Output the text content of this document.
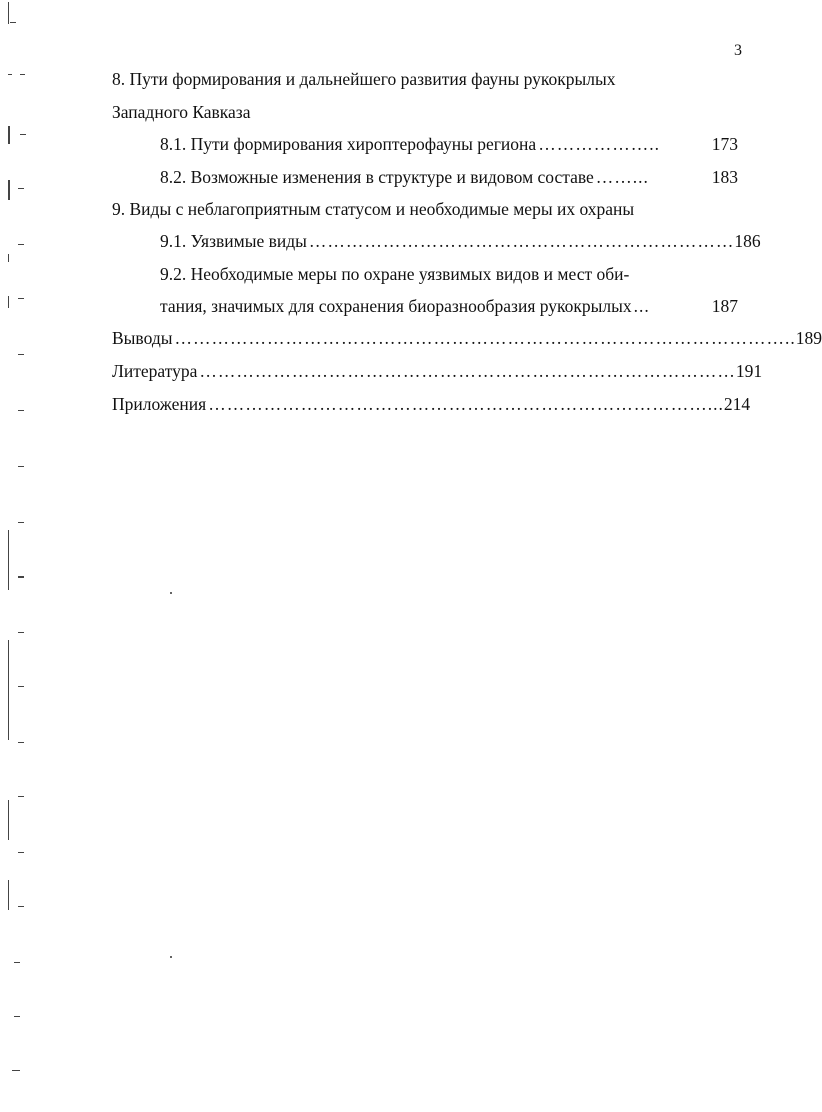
3
8. Пути формирования и дальнейшего развития фауны рукокрылых
Западного Кавказа
8.1. Пути формирования хироптерофауны региона ………………..	173
8.2. Возможные изменения в структуре и видовом составе ……...	183
9. Виды с неблагоприятным статусом и необходимые меры их охраны
9.1. Уязвимые виды …………………………………………………………… 186
9.2. Необходимые меры по охране уязвимых видов и мест оби-
тания, значимых для сохранения биоразнообразия рукокрылых ...	187
Выводы ……………………………………………………………………………………….. 189
Литература …………………………………………………………………………… 191
Приложения ………………………………………………………………………... 214
